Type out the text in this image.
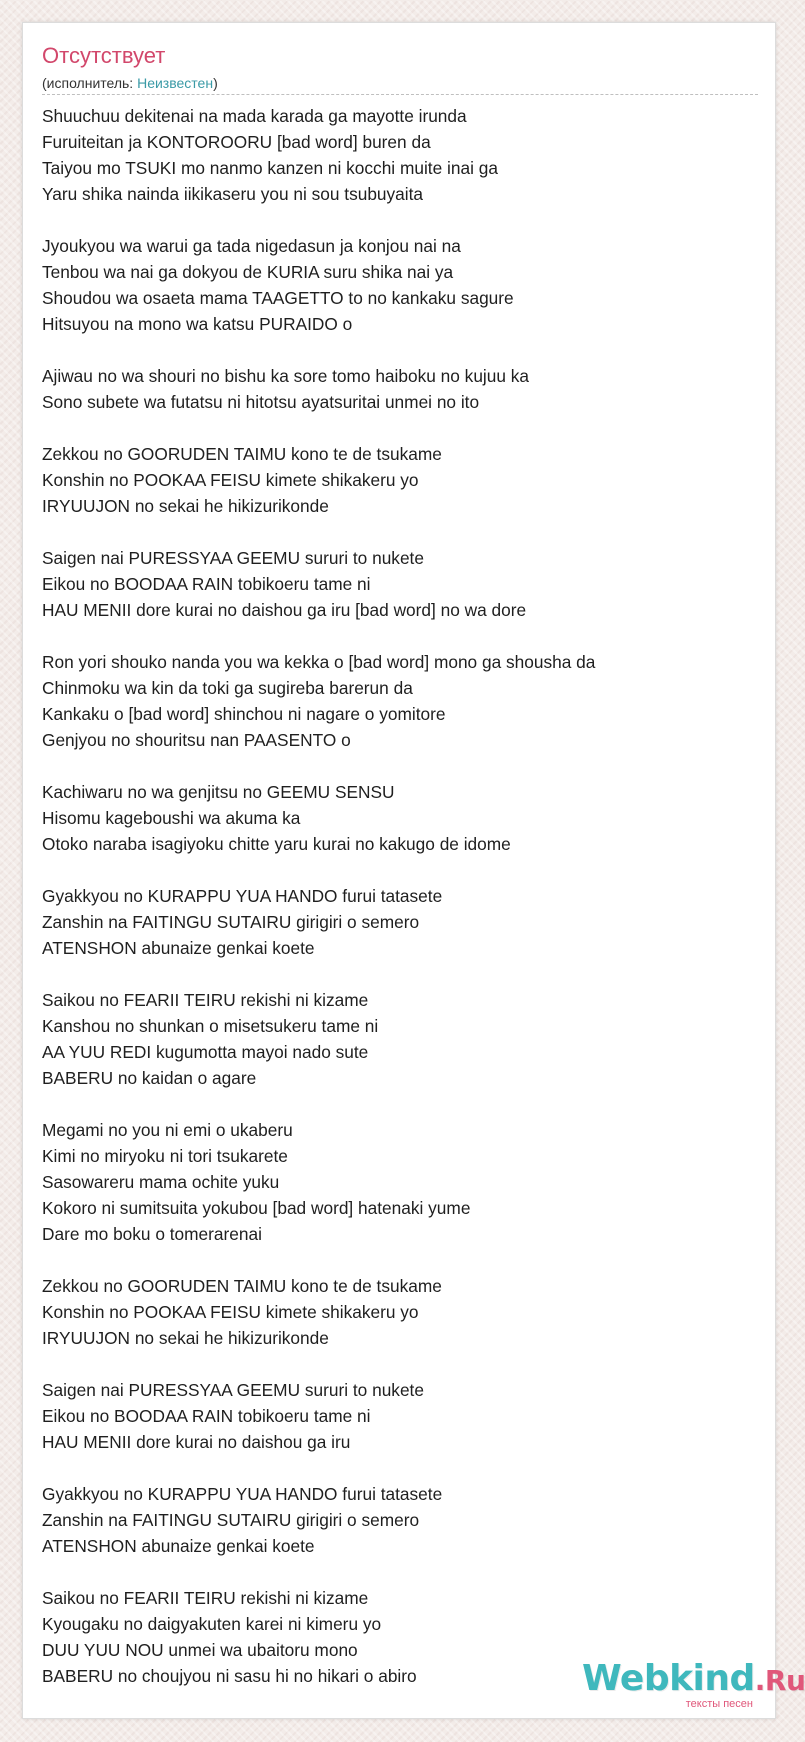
Отсутствует
(исполнитель: Неизвестен)
Shuuchuu dekitenai na mada karada ga mayotte irunda
Furuiteitan ja KONTOROORU [bad word] buren da
Taiyou mo TSUKI mo nanmo kanzen ni kocchi muite inai ga
Yaru shika nainda iikikaseru you ni sou tsubuyaita
Jyoukyou wa warui ga tada nigedasun ja konjou nai na
Tenbou wa nai ga dokyou de KURIA suru shika nai ya
Shoudou wa osaeta mama TAAGETTO to no kankaku sagure
Hitsuyou na mono wa katsu PURAIDO o
Ajiwau no wa shouri no bishu ka sore tomo haiboku no kujuu ka
Sono subete wa futatsu ni hitotsu ayatsuritai unmei no ito
Zekkou no GOORUDEN TAIMU kono te de tsukame
Konshin no POOKAA FEISU kimete shikakeru yo
IRYUUJON no sekai he hikizurikonde
Saigen nai PURESSYAA GEEMU sururi to nukete
Eikou no BOODAA RAIN tobikoeru tame ni
HAU MENII dore kurai no daishou ga iru [bad word] no wa dore
Ron yori shouko nanda you wa kekka o [bad word] mono ga shousha da
Chinmoku wa kin da toki ga sugireba barerun da
Kankaku o [bad word] shinchou ni nagare o yomitore
Genjyou no shouritsu nan PAASENTO o
Kachiwaru no wa genjitsu no GEEMU SENSU
Hisomu kageboushi wa akuma ka
Otoko naraba isagiyoku chitte yaru kurai no kakugo de idome
Gyakkyou no KURAPPU YUA HANDO furui tatasete
Zanshin na FAITINGU SUTAIRU girigiri o semero
ATENSHON abunaize genkai koete
Saikou no FEARII TEIRU rekishi ni kizame
Kanshou no shunkan o misetsukeru tame ni
AA YUU REDI kugumotta mayoi nado sute
BABERU no kaidan o agare
Megami no you ni emi o ukaberu
Kimi no miryoku ni tori tsukarete
Sasowareru mama ochite yuku
Kokoro ni sumitsuita yokubou [bad word] hatenaki yume
Dare mo boku o tomerarenai
Zekkou no GOORUDEN TAIMU kono te de tsukame
Konshin no POOKAA FEISU kimete shikakeru yo
IRYUUJON no sekai he hikizurikonde
Saigen nai PURESSYAA GEEMU sururi to nukete
Eikou no BOODAA RAIN tobikoeru tame ni
HAU MENII dore kurai no daishou ga iru
Gyakkyou no KURAPPU YUA HANDO furui tatasete
Zanshin na FAITINGU SUTAIRU girigiri o semero
ATENSHON abunaize genkai koete
Saikou no FEARII TEIRU rekishi ni kizame
Kyougaku no daigyakuten karei ni kimeru yo
DUU YUU NOU unmei wa ubaitoru mono
BABERU no choujyou ni sasu hi no hikari o abiro	Webkind.Ru
тексты песен
